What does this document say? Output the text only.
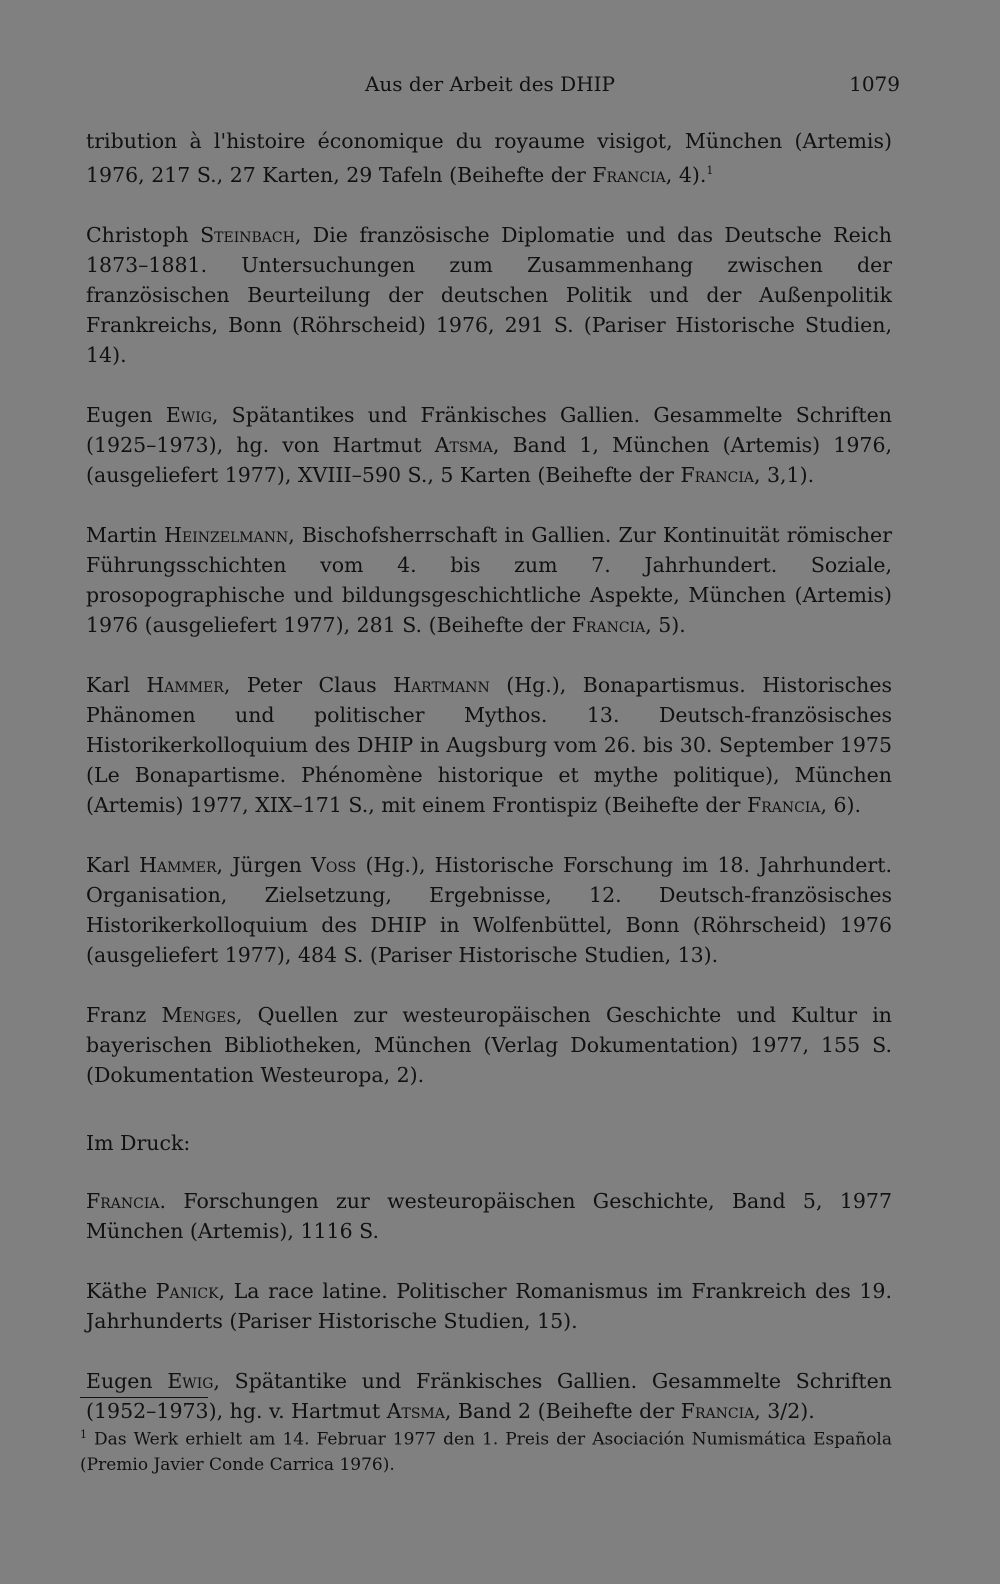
Aus der Arbeit des DHIP	1079

tribution à l'histoire économique du royaume visigot, München (Artemis) 1976, 217 S., 27 Karten, 29 Tafeln (Beihefte der Francia, 4).$^1$

Christoph Steinbach, Die französische Diplomatie und das Deutsche Reich 1873–1881. Untersuchungen zum Zusammenhang zwischen der französischen Beurteilung der deutschen Politik und der Außenpolitik Frankreichs, Bonn (Röhrscheid) 1976, 291 S. (Pariser Historische Studien, 14).

Eugen Ewig, Spätantikes und Fränkisches Gallien. Gesammelte Schriften (1925–1973), hg. von Hartmut Atsma, Band 1, München (Artemis) 1976, (ausgeliefert 1977), XVIII–590 S., 5 Karten (Beihefte der Francia, 3,1).

Martin Heinzelmann, Bischofsherrschaft in Gallien. Zur Kontinuität römischer Führungsschichten vom 4. bis zum 7. Jahrhundert. Soziale, prosopographische und bildungsgeschichtliche Aspekte, München (Artemis) 1976 (ausgeliefert 1977), 281 S. (Beihefte der Francia, 5).

Karl Hammer, Peter Claus Hartmann (Hg.), Bonapartismus. Historisches Phänomen und politischer Mythos. 13. Deutsch-französisches Historikerkolloquium des DHIP in Augsburg vom 26. bis 30. September 1975 (Le Bonapartisme. Phénomène historique et mythe politique), München (Artemis) 1977, XIX–171 S., mit einem Frontispiz (Beihefte der Francia, 6).

Karl Hammer, Jürgen Voss (Hg.), Historische Forschung im 18. Jahrhundert. Organisation, Zielsetzung, Ergebnisse, 12. Deutsch-französisches Historikerkolloquium des DHIP in Wolfenbüttel, Bonn (Röhrscheid) 1976 (ausgeliefert 1977), 484 S. (Pariser Historische Studien, 13).

Franz Menges, Quellen zur westeuropäischen Geschichte und Kultur in bayerischen Bibliotheken, München (Verlag Dokumentation) 1977, 155 S. (Dokumentation Westeuropa, 2).

Im Druck:

Francia. Forschungen zur westeuropäischen Geschichte, Band 5, 1977 München (Artemis), 1116 S.

Käthe Panick, La race latine. Politischer Romanismus im Frankreich des 19. Jahrhunderts (Pariser Historische Studien, 15).

Eugen Ewig, Spätantike und Fränkisches Gallien. Gesammelte Schriften (1952–1973), hg. v. Hartmut Atsma, Band 2 (Beihefte der Francia, 3/2).

$^1$ Das Werk erhielt am 14. Februar 1977 den 1. Preis der Asociación Numismática Española (Premio Javier Conde Carrica 1976).
